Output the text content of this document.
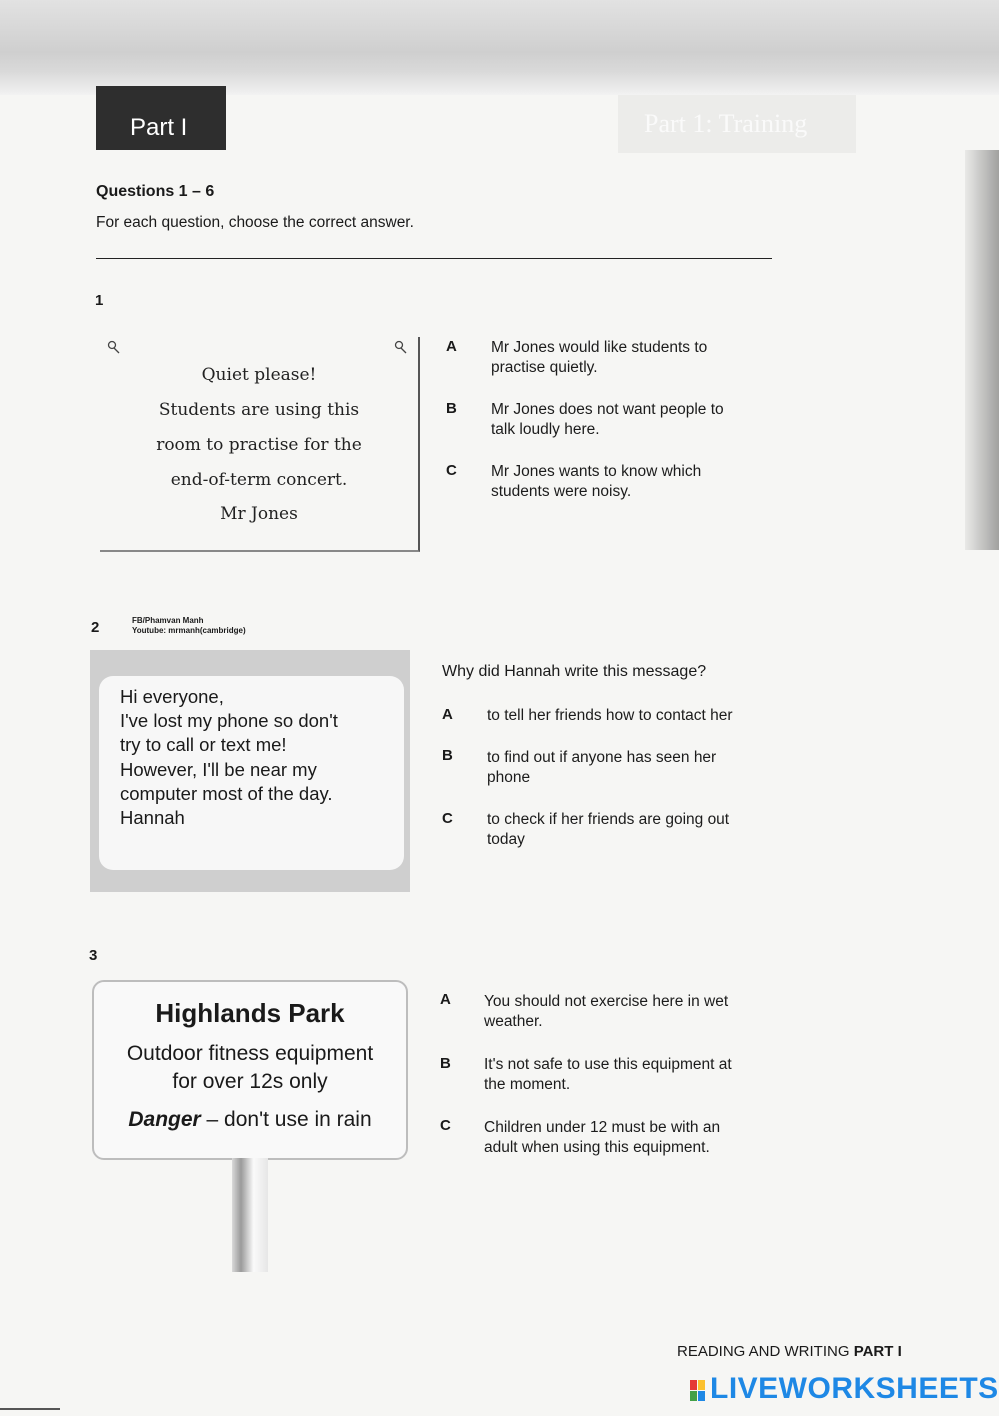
Part 1: Training
Part I
Questions 1 – 6
For each question, choose the correct answer.
1
Quiet please!
Students are using this
room to practise for the
end-of-term concert.
Mr Jones
A Mr Jones would like students to
practise quietly.
B Mr Jones does not want people to
talk loudly here.
C Mr Jones wants to know which
students were noisy.
2	FB/Phamvan Manh
Youtube: mrmanh(cambridge)
Hi everyone,
I've lost my phone so don't
try to call or text me!
However, I'll be near my
computer most of the day.
Hannah
Why did Hannah write this message?
A to tell her friends how to contact her
B to find out if anyone has seen her
phone
C to check if her friends are going out
today
3
Highlands Park
Outdoor fitness equipment
for over 12s only
Danger – don't use in rain
A You should not exercise here in wet
weather.
B It's not safe to use this equipment at
the moment.
C Children under 12 must be with an
adult when using this equipment.
READING AND WRITING PART I
LIVEWORKSHEETS
